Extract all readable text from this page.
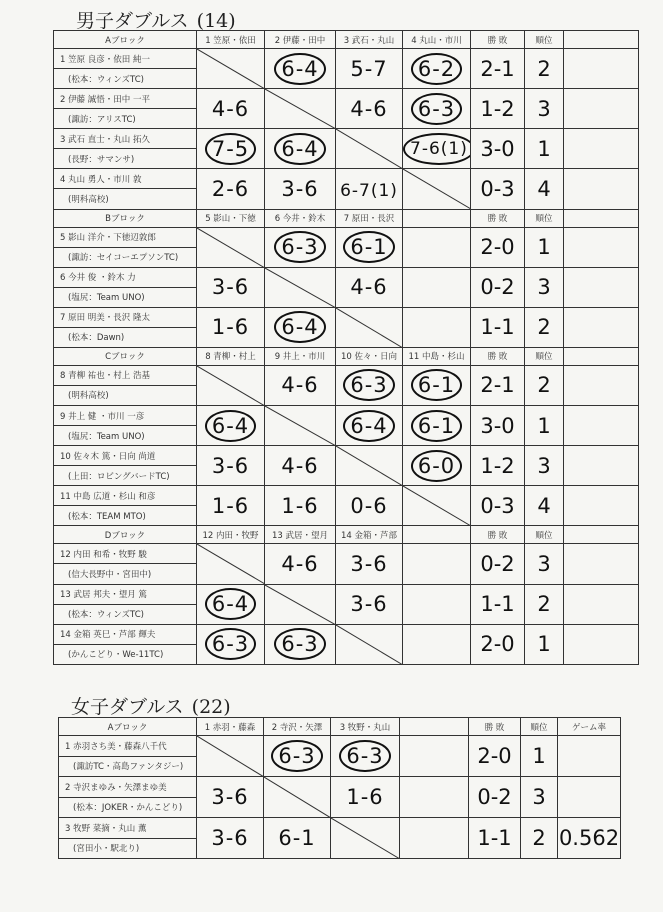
男子ダブルス (14)
Aブロック	1 笠原・依田	2 伊藤・田中	3 武石・丸山	4 丸山・市川	勝 敗	順位	
1 笠原 良彦・依田 純一		6-4	5-7	6-2	2-1	2	
(松本：ウィンズTC)							
2 伊藤 誠悟・田中 一平	4-6		4-6	6-3	1-2	3	
(諏訪：アリスTC)							
3 武石 直士・丸山 拓久	7-5	6-4		7-6(1)	3-0	1	
(長野：サマンサ)							
4 丸山 勇人・市川 敦	2-6	3-6	6-7(1)		0-3	4	
(明科高校)							
Bブロック	5 影山・下徳	6 今井・鈴木	7 原田・長沢		勝 敗	順位	
5 影山 洋介・下徳辺敦郎		6-3	6-1		2-0	1	
(諏訪：セイコーエプソンTC)							
6 今井 俊 ・鈴木 力	3-6		4-6		0-2	3	
(塩尻：Team UNO)							
7 原田 明美・長沢 隆太	1-6	6-4			1-1	2	
(松本：Dawn)							
Cブロック	8 青柳・村上	9 井上・市川	10 佐々・日向	11 中島・杉山	勝 敗	順位	
8 青柳 祐也・村上 浩基		4-6	6-3	6-1	2-1	2	
(明科高校)							
9 井上 健 ・市川 一彦	6-4		6-4	6-1	3-0	1	
(塩尻：Team UNO)							
10 佐々木 篤・日向 尚道	3-6	4-6		6-0	1-2	3	
(上田：ロビングバードTC)							
11 中島 広道・杉山 和彦	1-6	1-6	0-6		0-3	4	
(松本：TEAM MTO)							
Dブロック	12 内田・牧野	13 武居・望月	14 金箱・芦部		勝 敗	順位	
12 内田 和希・牧野 駿		4-6	3-6		0-2	3	
(信大長野中・宮田中)							
13 武居 邦夫・望月 篤	6-4		3-6		1-1	2	
(松本：ウィンズTC)							
14 金箱 英巳・芦部 輝夫	6-3	6-3			2-0	1	
(かんこどり・We-11TC)							
女子ダブルス (22)
Aブロック	1 赤羽・藤森	2 寺沢・矢澤	3 牧野・丸山		勝 敗	順位	ゲーム率
1 赤羽さち美・藤森八千代		6-3	6-3		2-0	1	
(諏訪TC・高島ファンタジー)							
2 寺沢まゆみ・矢澤まゆ美	3-6		1-6		0-2	3	
(松本：JOKER・かんこどり)							
3 牧野 菜摘・丸山 薫	3-6	6-1			1-1	2	0.562
(宮田小・駅北り)							
